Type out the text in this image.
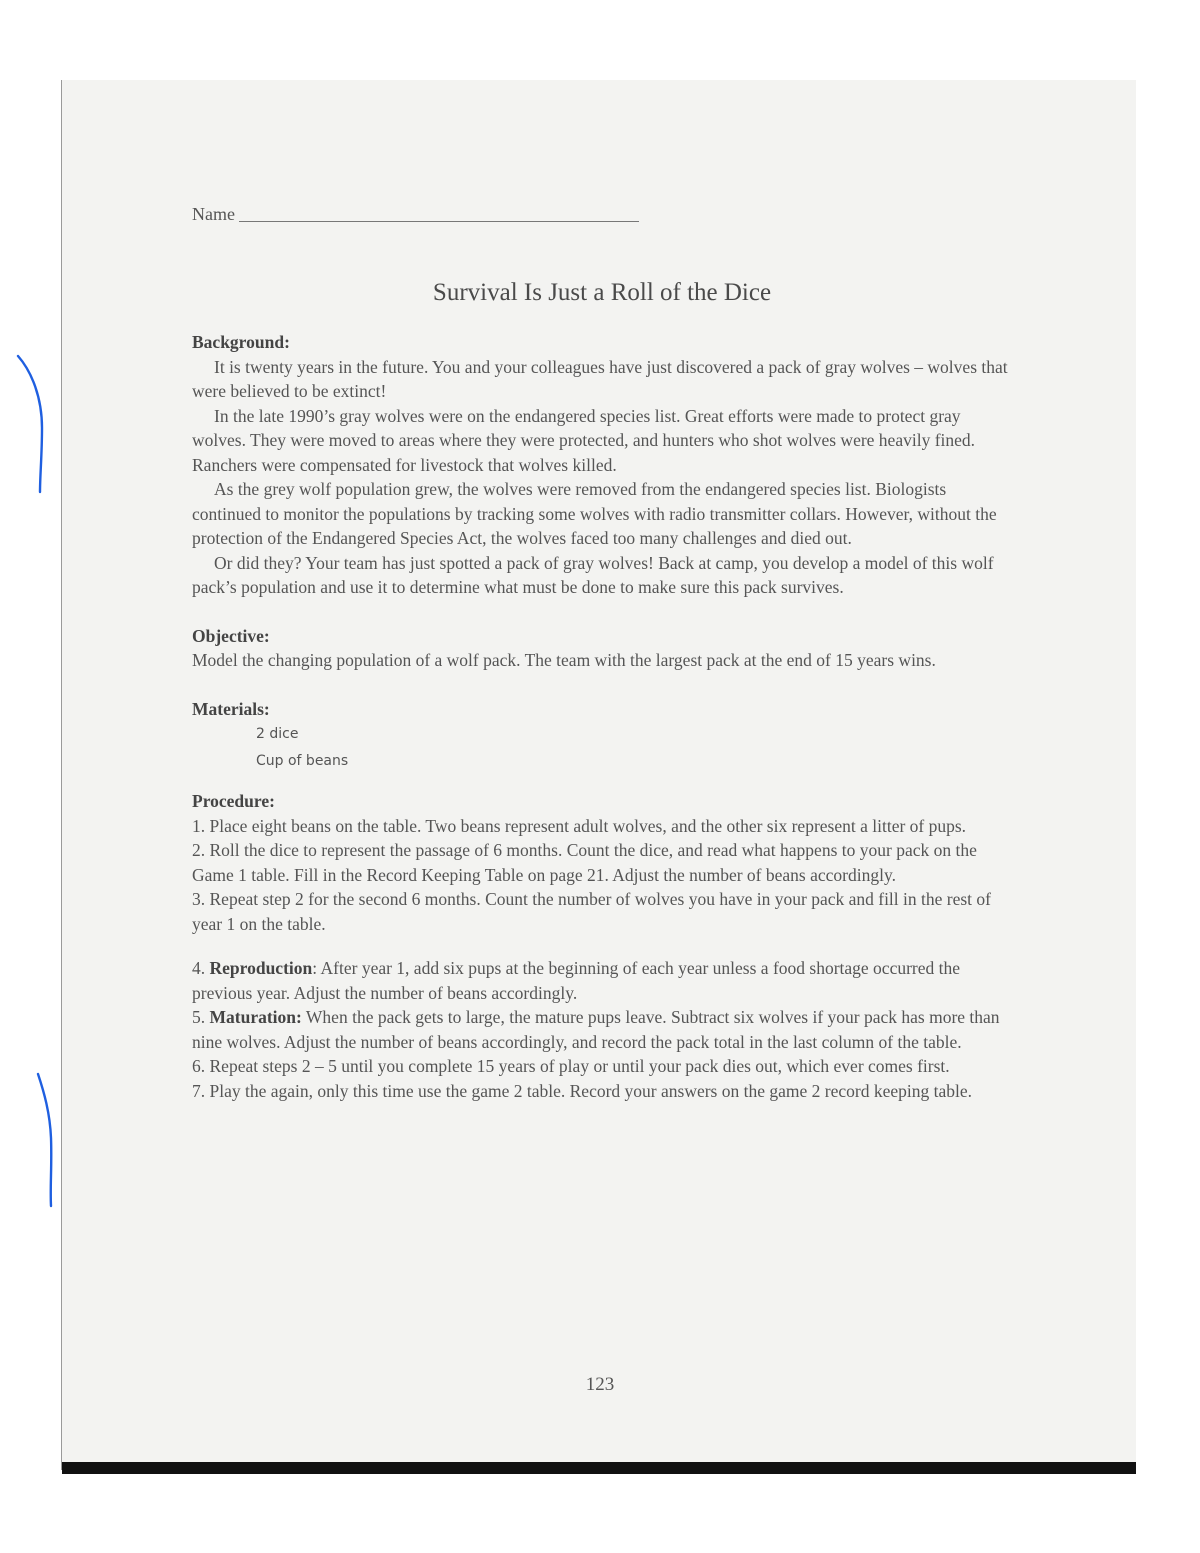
Name
Survival Is Just a Roll of the Dice
Background:

It is twenty years in the future. You and your colleagues have just discovered a pack of gray wolves – wolves that were believed to be extinct!

In the late 1990’s gray wolves were on the endangered species list. Great efforts were made to protect gray wolves. They were moved to areas where they were protected, and hunters who shot wolves were heavily fined. Ranchers were compensated for livestock that wolves killed.

As the grey wolf population grew, the wolves were removed from the endangered species list. Biologists continued to monitor the populations by tracking some wolves with radio transmitter collars. However, without the protection of the Endangered Species Act, the wolves faced too many challenges and died out.

Or did they? Your team has just spotted a pack of gray wolves! Back at camp, you develop a model of this wolf pack’s population and use it to determine what must be done to make sure this pack survives.

Objective:

Model the changing population of a wolf pack. The team with the largest pack at the end of 15 years wins.

Materials:
2 dice
Cup of beans
Procedure:

1. Place eight beans on the table. Two beans represent adult wolves, and the other six represent a litter of pups.

2. Roll the dice to represent the passage of 6 months. Count the dice, and read what happens to your pack on the Game 1 table. Fill in the Record Keeping Table on page 21. Adjust the number of beans accordingly.

3. Repeat step 2 for the second 6 months. Count the number of wolves you have in your pack and fill in the rest of year 1 on the table.

4. Reproduction: After year 1, add six pups at the beginning of each year unless a food shortage occurred the previous year. Adjust the number of beans accordingly.

5. Maturation: When the pack gets to large, the mature pups leave. Subtract six wolves if your pack has more than nine wolves. Adjust the number of beans accordingly, and record the pack total in the last column of the table.

6. Repeat steps 2 – 5 until you complete 15 years of play or until your pack dies out, which ever comes first.

7. Play the again, only this time use the game 2 table. Record your answers on the game 2 record keeping table.

123
